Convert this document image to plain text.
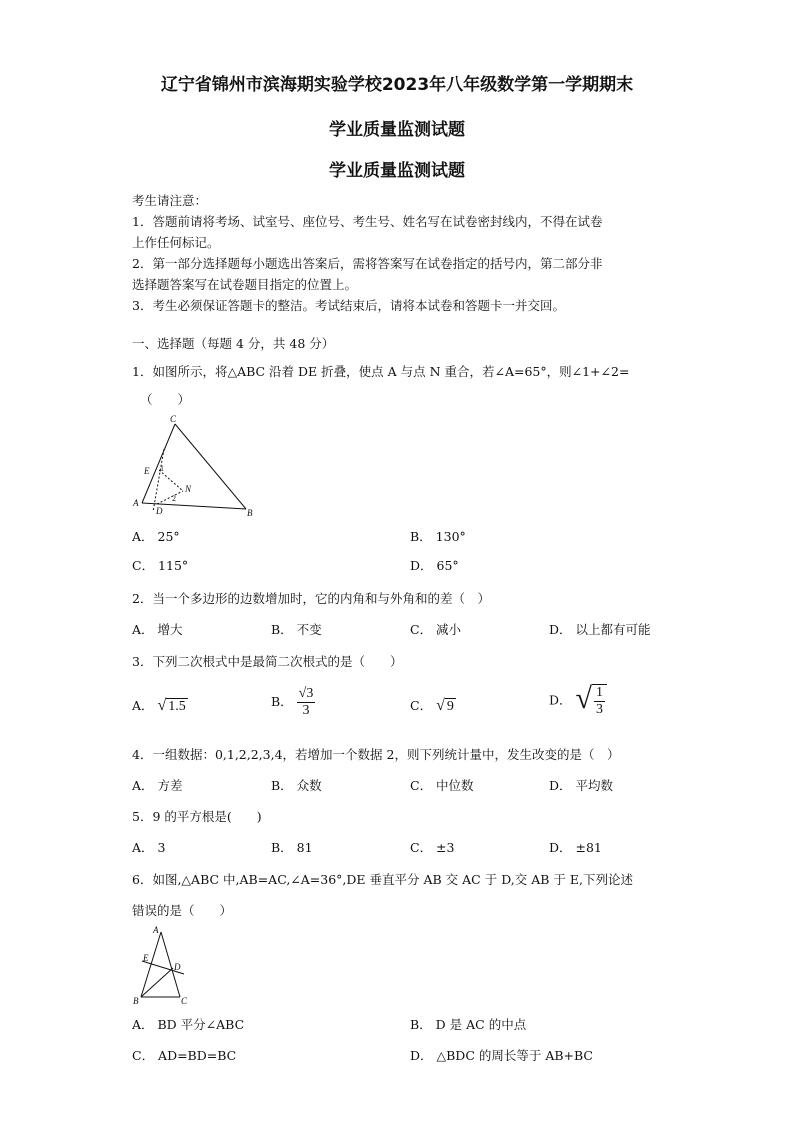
辽宁省锦州市滨海期实验学校2023年八年级数学第一学期期末
学业质量监测试题
学业质量监测试题
考生请注意：
1．答题前请将考场、试室号、座位号、考生号、姓名写在试卷密封线内，不得在试卷
上作任何标记。
2．第一部分选择题每小题选出答案后，需将答案写在试卷指定的括号内，第二部分非
选择题答案写在试卷题目指定的位置上。
3．考生必须保证答题卡的整洁。考试结束后，请将本试卷和答题卡一并交回。
一、选择题（每题 4 分，共 48 分）
1．如图所示，将△ABC 沿着 DE 折叠，使点 A 与点 N 重合，若∠A=65°，则∠1+∠2=
（　　）
C
E
A
D	B
N
1
2
A． 25°	B． 130°
C． 115°	D． 65°
2．当一个多边形的边数增加时，它的内角和与外角和的差（　）
A． 增大	B． 不变	C． 减小	D． 以上都有可能
3．下列二次根式中是最简二次根式的是（　　）
A． √ 1.5	B． $\frac{√3}{3}$	C． √ 9	D． √ $\frac{1}{3}$
4．一组数据：0,1,2,2,3,4，若增加一个数据 2，则下列统计量中，发生改变的是（　）
A． 方差	B． 众数	C． 中位数	D． 平均数
5．9 的平方根是(　　)
A． 3	B． 81	C． ±3	D． ±81
6．如图,△ABC 中,AB=AC,∠A=36°,DE 垂直平分 AB 交 AC 于 D,交 AB 于 E,下列论述
错误的是（　　）
A
E
D
B	C
A． BD 平分∠ABC	B． D 是 AC 的中点
C． AD=BD=BC	D． △BDC 的周长等于 AB+BC
